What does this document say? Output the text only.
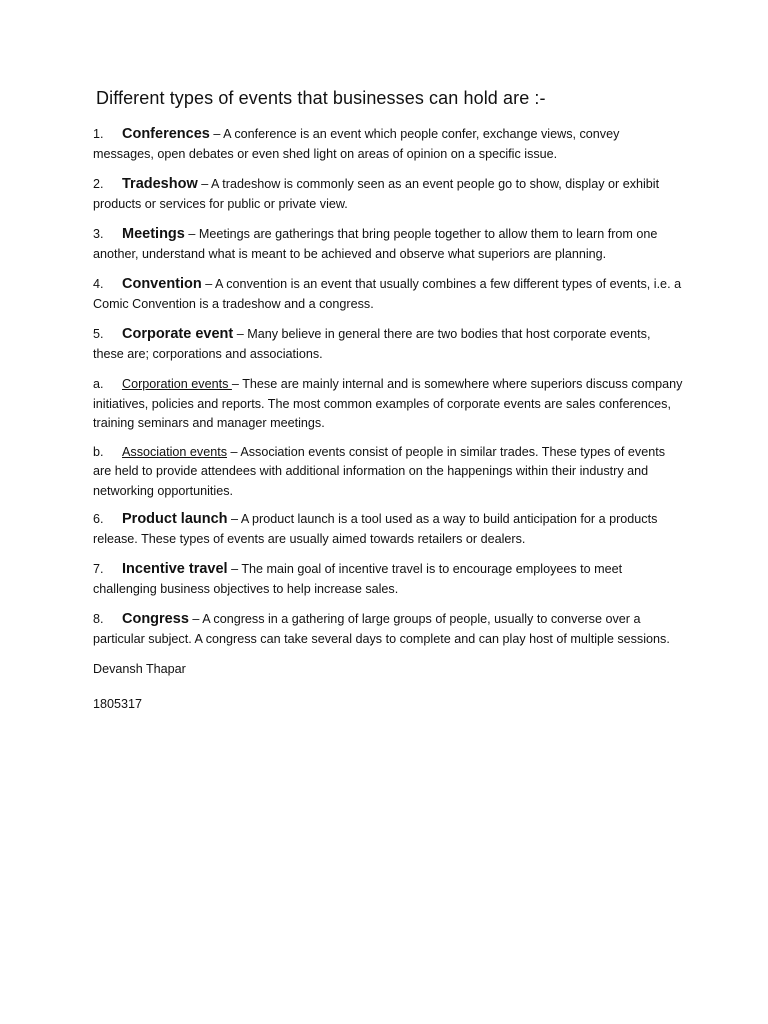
Different types of events that businesses can hold are :-
1. Conferences – A conference is an event which people confer, exchange views, convey messages, open debates or even shed light on areas of opinion on a specific issue.
2. Tradeshow – A tradeshow is commonly seen as an event people go to show, display or exhibit products or services for public or private view.
3. Meetings – Meetings are gatherings that bring people together to allow them to learn from one another, understand what is meant to be achieved and observe what superiors are planning.
4. Convention – A convention is an event that usually combines a few different types of events, i.e. a Comic Convention is a tradeshow and a congress.
5. Corporate event – Many believe in general there are two bodies that host corporate events, these are; corporations and associations.
a. Corporation events – These are mainly internal and is somewhere where superiors discuss company initiatives, policies and reports. The most common examples of corporate events are sales conferences, training seminars and manager meetings.
b. Association events – Association events consist of people in similar trades. These types of events are held to provide attendees with additional information on the happenings within their industry and networking opportunities.
6. Product launch – A product launch is a tool used as a way to build anticipation for a products release. These types of events are usually aimed towards retailers or dealers.
7. Incentive travel – The main goal of incentive travel is to encourage employees to meet challenging business objectives to help increase sales.
8. Congress – A congress in a gathering of large groups of people, usually to converse over a particular subject. A congress can take several days to complete and can play host of multiple sessions.
Devansh Thapar
1805317
